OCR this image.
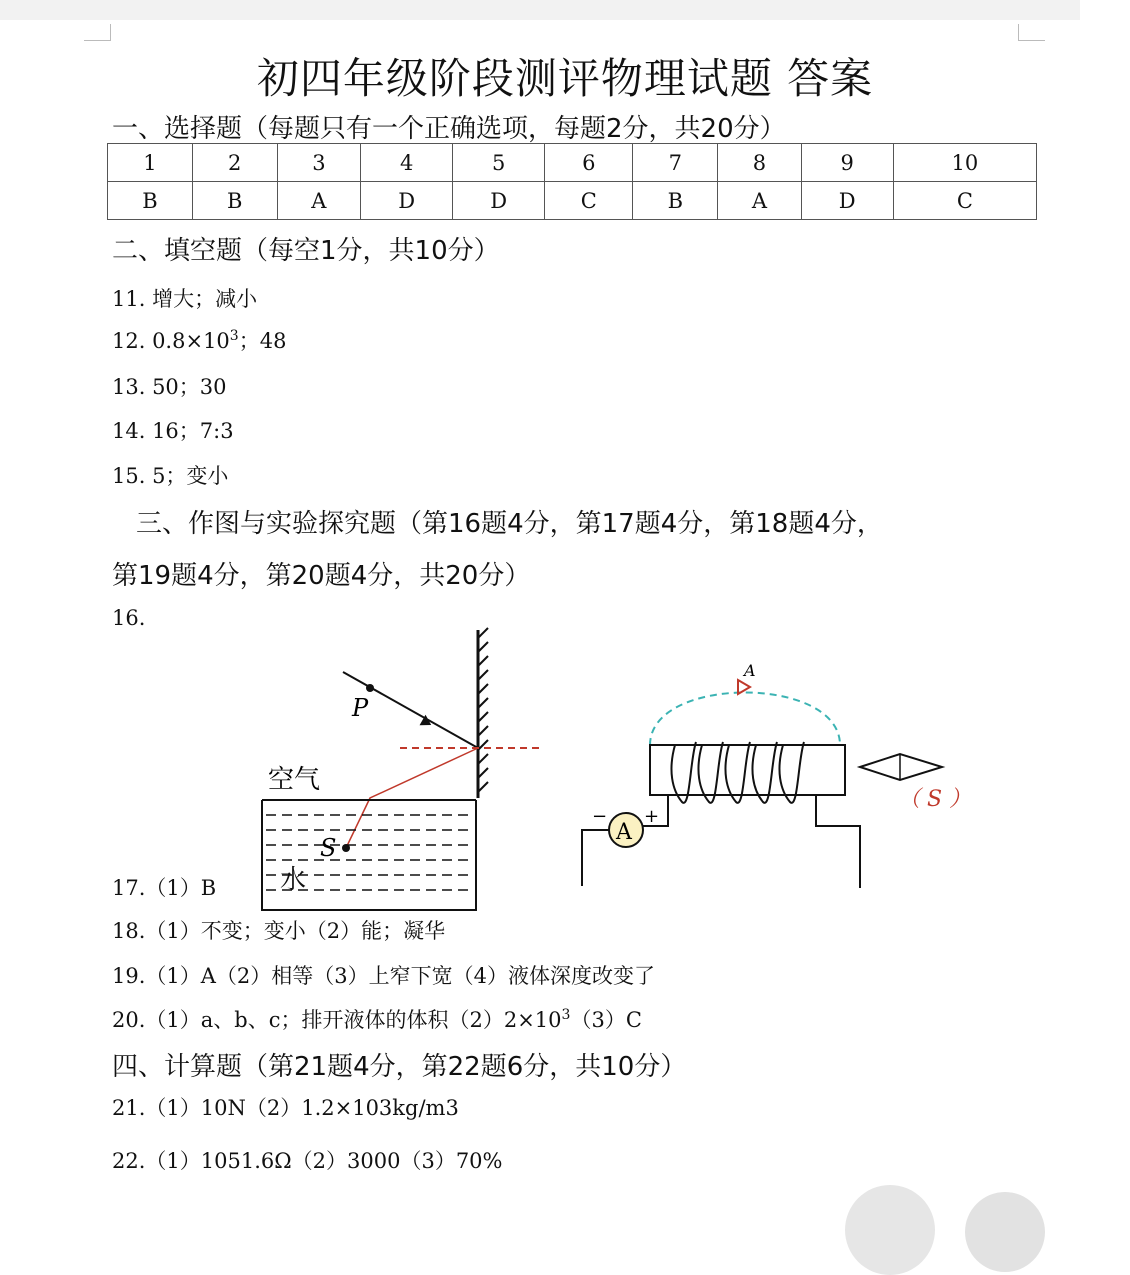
初四年级阶段测评物理试题 答案
一、选择题（每题只有一个正确选项，每题2分，共20分）
1	2	3	4	5	6	7	8	9	10
B	B	A	D	D	C	B	A	D	C
二、填空题（每空1分，共10分）
11. 增大；减小
12. $0.8\times 10^3$；48
13. 50；30
14. 16；7:3
15. 5；变小
三、作图与实验探究题（第16题4分，第17题4分，第18题4分，
第19题4分，第20题4分，共20分）
16.
P
S
空气
水
A
A
− +
（ S ）
17.（1）B
18.（1）不变；变小（2）能；凝华
19.（1）A（2）相等（3）上窄下宽（4）液体深度改变了
20.（1）a、b、c；排开液体的体积$(2)2\times 10^3(3)C$
四、计算题（第21题4分，第22题6分，共10分）
21.（1）10N（2）1.2×103kg/m3
22.（1）1051.6Ω（2）3000（3）70%
